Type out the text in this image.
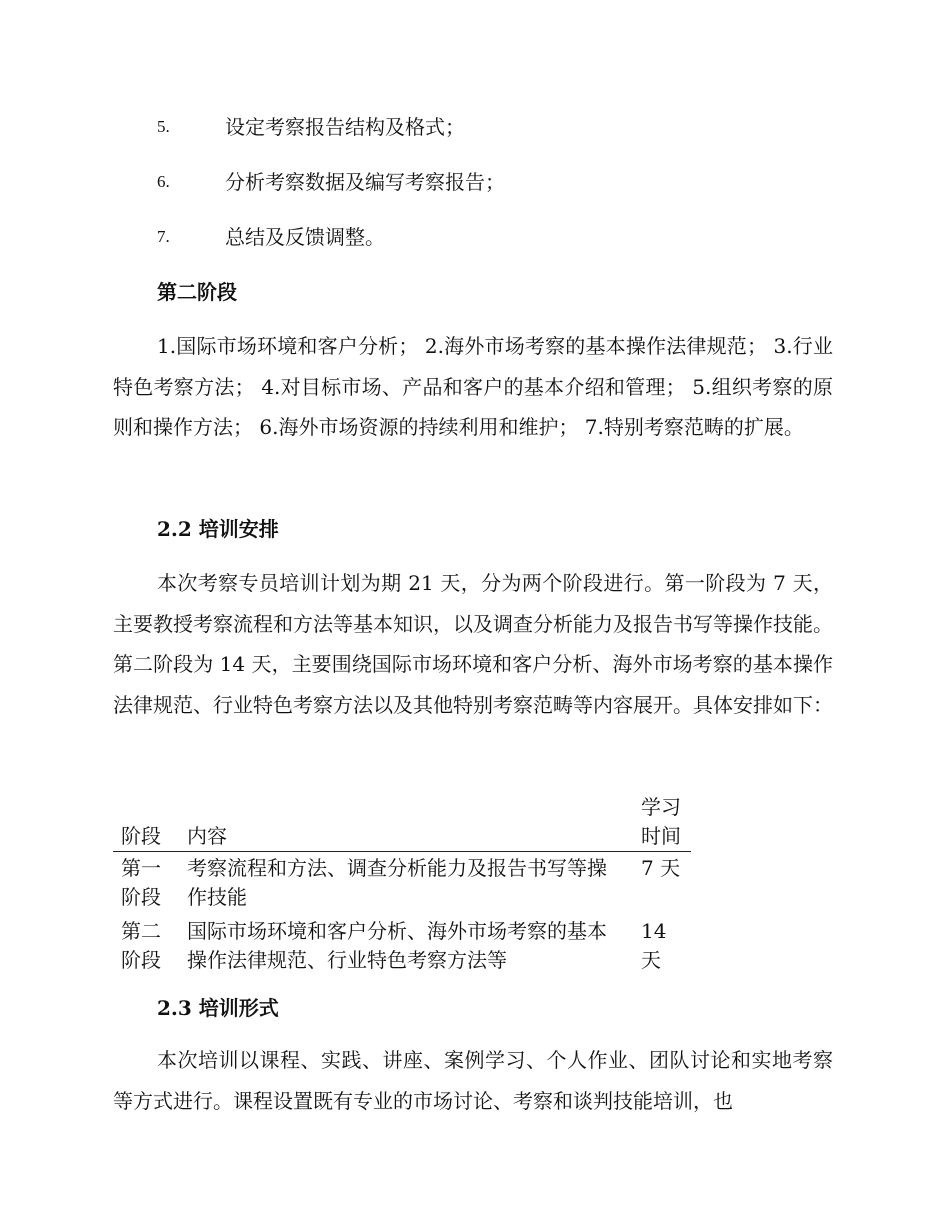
5.	设定考察报告结构及格式；
6.	分析考察数据及编写考察报告；
7.	总结及反馈调整。
第二阶段

1.国际市场环境和客户分析； 2.海外市场考察的基本操作法律规范； 3.行业特色考察方法； 4.对目标市场、产品和客户的基本介绍和管理； 5.组织考察的原则和操作方法； 6.海外市场资源的持续利用和维护； 7.特别考察范畴的扩展。

2.2 培训安排

本次考察专员培训计划为期 21 天，分为两个阶段进行。第一阶段为 7 天，主要教授考察流程和方法等基本知识，以及调查分析能力及报告书写等操作技能。第二阶段为 14 天，主要围绕国际市场环境和客户分析、海外市场考察的基本操作法律规范、行业特色考察方法以及其他特别考察范畴等内容展开。具体安排如下：

阶段	内容	学习时间
第一阶段	考察流程和方法、调查分析能力及报告书写等操作技能	7 天
第二阶段	国际市场环境和客户分析、海外市场考察的基本操作法律规范、行业特色考察方法等	14 天
2.3 培训形式

本次培训以课程、实践、讲座、案例学习、个人作业、团队讨论和实地考察等方式进行。课程设置既有专业的市场讨论、考察和谈判技能培训，也
